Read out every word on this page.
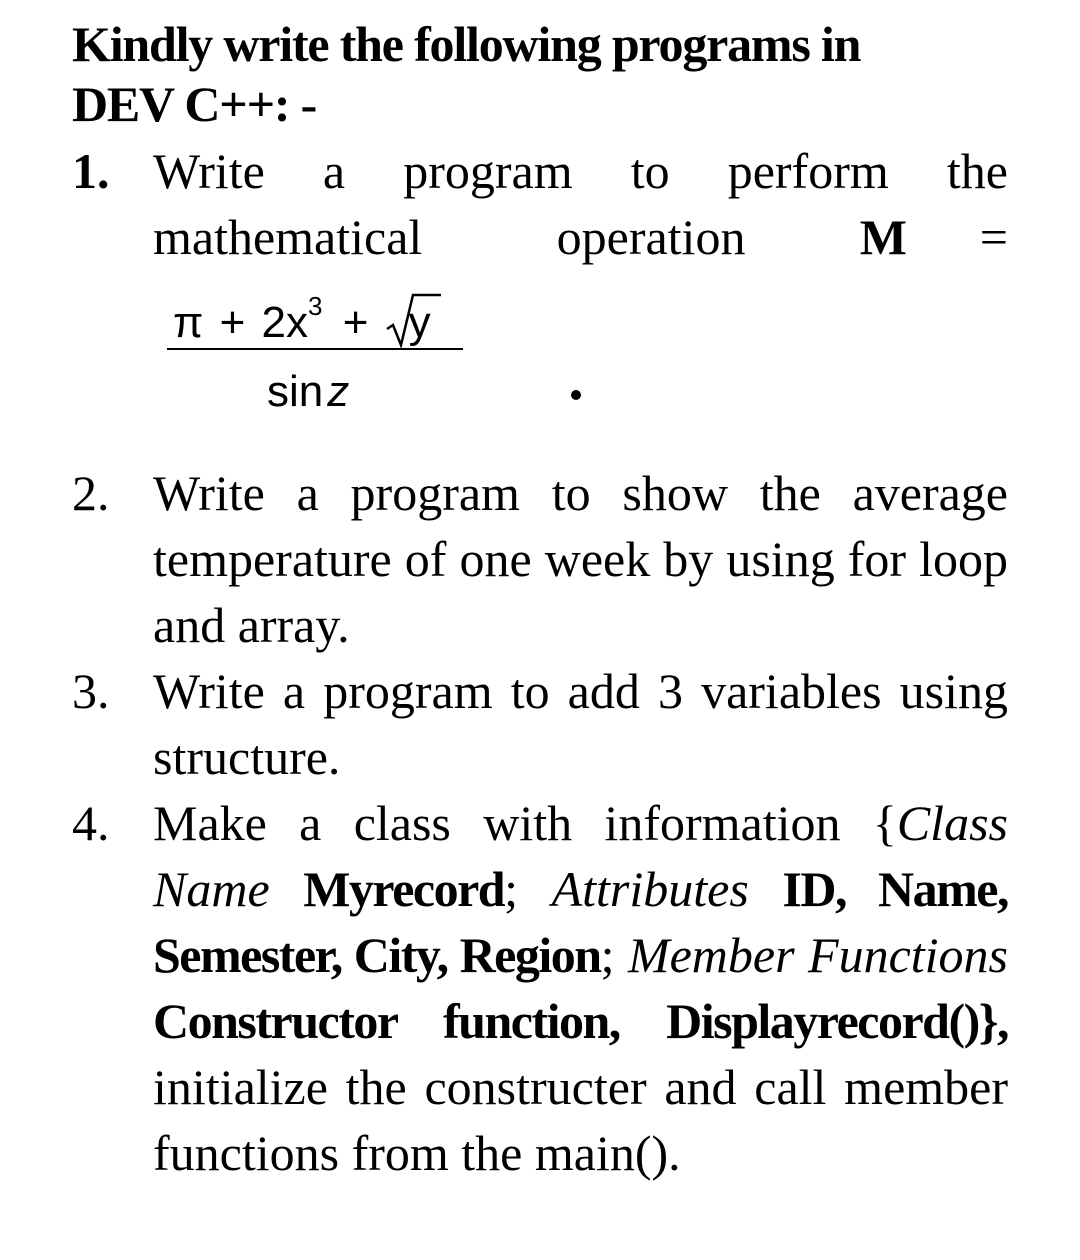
Kindly write the following programs in
DEV C++: -
1. Write a program to perform the
mathematical	operation M =
$\pi + 2x^3 + y$
sinz
2. Write a program to show the average temperature of one week by using for loop and array.
3. Write a program to add 3 variables using structure.
4. Make a class with information {Class Name Myrecord; Attributes ID, Name, Semester, City, Region; Member Functions Constructor function, Displayrecord()}, initialize the constructer and call member functions from the main().
